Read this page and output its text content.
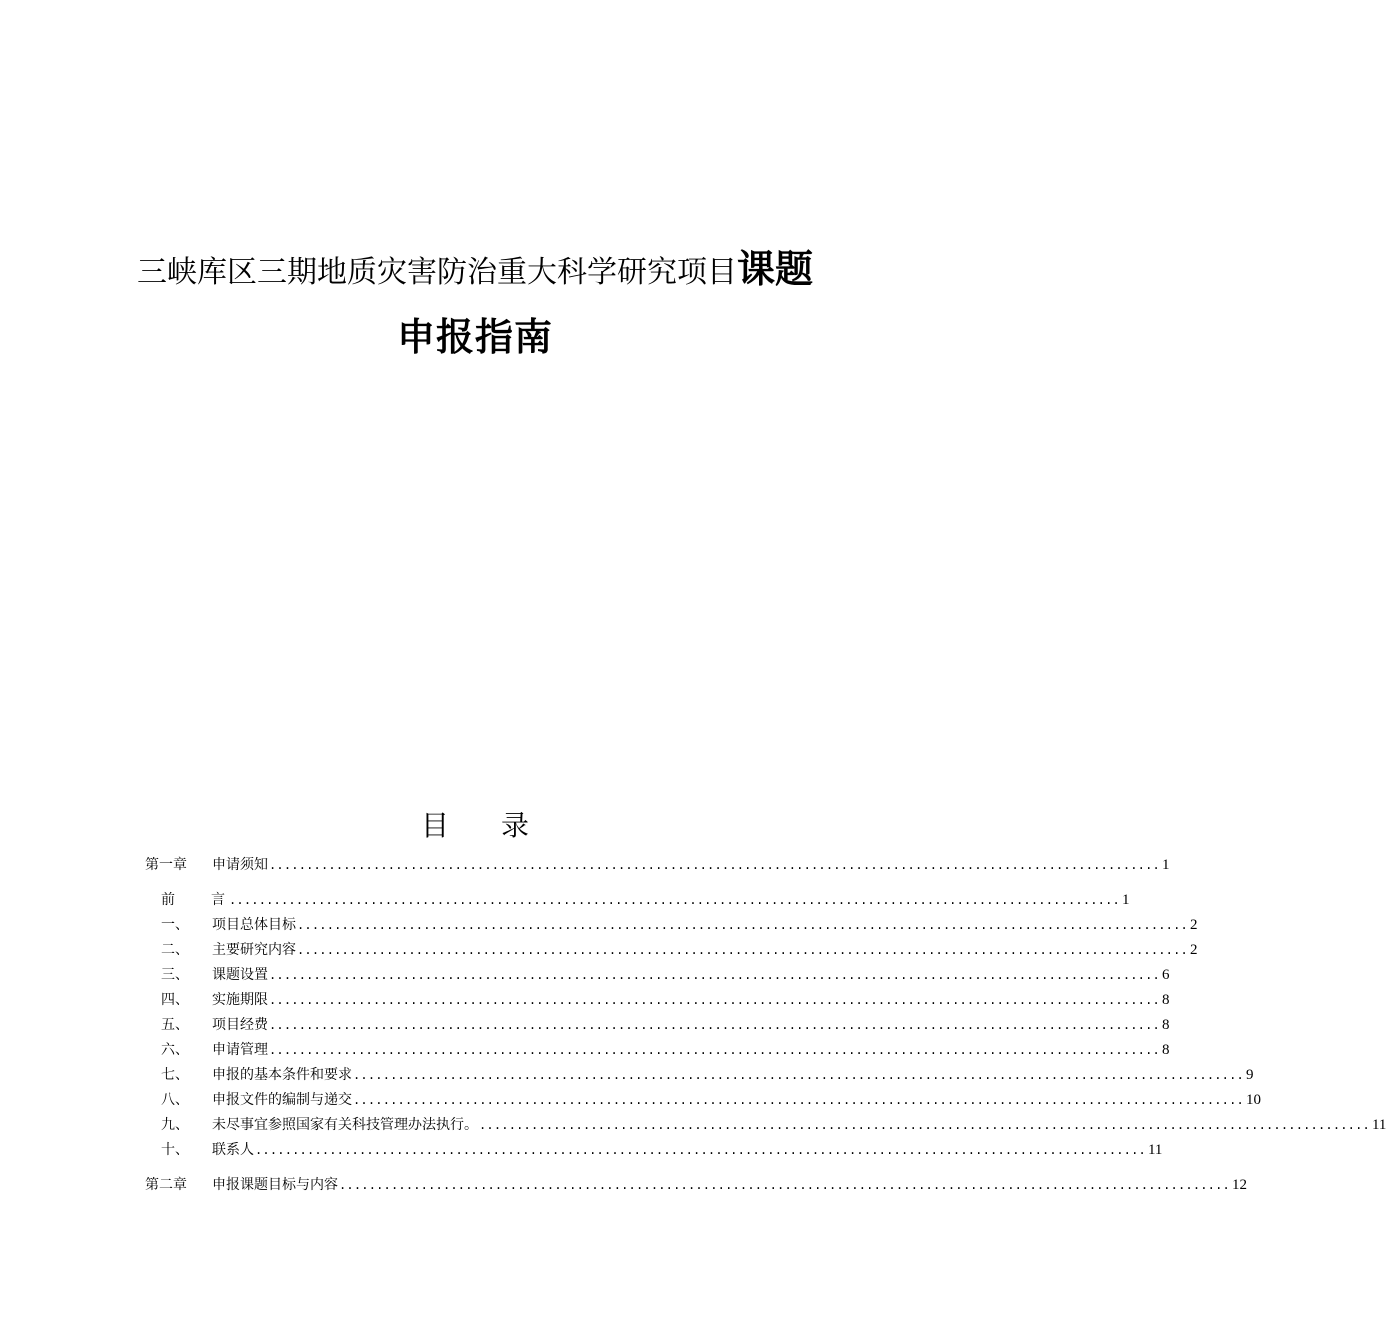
三峡库区三期地质灾害防治重大科学研究项目课题
申报指南
目录
第一章	申请须知 ........................................................................................................................ 1
前	言 ........................................................................................................................ 1
一、	项目总体目标 ........................................................................................................................ 2
二、	主要研究内容 ........................................................................................................................ 2
三、	课题设置 ........................................................................................................................ 6
四、	实施期限 ........................................................................................................................ 8
五、	项目经费 ........................................................................................................................ 8
六、	申请管理 ........................................................................................................................ 8
七、	申报的基本条件和要求 ........................................................................................................................ 9
八、	申报文件的编制与递交 ........................................................................................................................ 10
九、	未尽事宜参照国家有关科技管理办法执行。 ........................................................................................................................ 11
十、	联系人 ........................................................................................................................ 11
第二章	申报课题目标与内容 ........................................................................................................................ 12
